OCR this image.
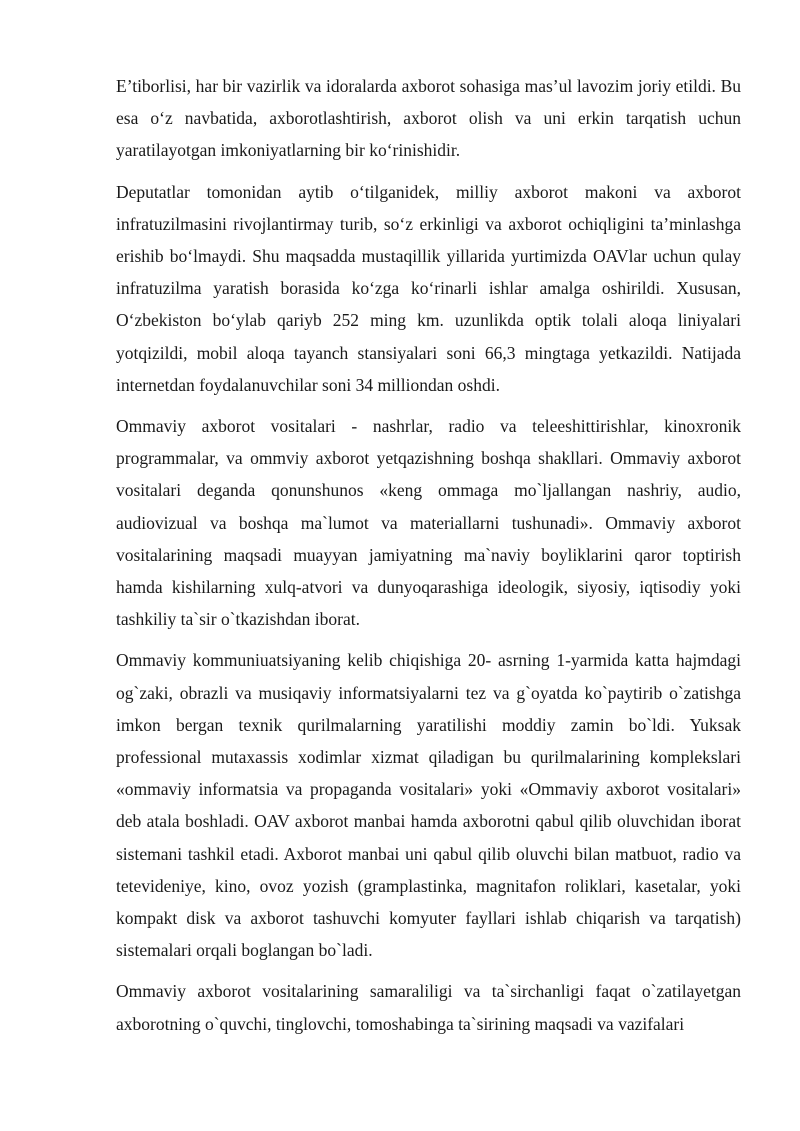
E’tiborlisi, har bir vazirlik va idoralarda axborot sohasiga mas’ul lavozim joriy etildi. Bu esa oʻz navbatida, axborotlashtirish, axborot olish va uni erkin tarqatish uchun yaratilayotgan imkoniyatlarning bir koʻrinishidir.

Deputatlar tomonidan aytib oʻtilganidek, milliy axborot makoni va axborot infratuzilmasini rivojlantirmay turib, soʻz erkinligi va axborot ochiqligini ta’minlashga erishib boʻlmaydi. Shu maqsadda mustaqillik yillarida yurtimizda OAVlar uchun qulay infratuzilma yaratish borasida koʻzga koʻrinarli ishlar amalga oshirildi. Xususan, Oʻzbekiston boʻylab qariyb 252 ming km. uzunlikda optik tolali aloqa liniyalari yotqizildi, mobil aloqa tayanch stansiyalari soni 66,3 mingtaga yetkazildi. Natijada internetdan foydalanuvchilar soni 34 milliondan oshdi.

Ommaviy axborot vositalari - nashrlar, radio va teleeshittirishlar, kinoxronik programmalar, va ommviy axborot yetqazishning boshqa shakllari. Ommaviy axborot vositalari deganda qonunshunos «keng ommaga mo`ljallangan nashriy, audio, audiovizual va boshqa ma`lumot va materiallarni tushunadi». Ommaviy axborot vositalarining maqsadi muayyan jamiyatning ma`naviy boyliklarini qaror toptirish hamda kishilarning xulq-atvori va dunyoqarashiga ideologik, siyosiy, iqtisodiy yoki tashkiliy ta`sir o`tkazishdan iborat.

Ommaviy kommuniuatsiyaning kelib chiqishiga 20- asrning 1-yarmida katta hajmdagi og`zaki, obrazli va musiqaviy informatsiyalarni tez va g`oyatda ko`paytirib o`zatishga imkon bergan texnik qurilmalarning yaratilishi moddiy zamin bo`ldi. Yuksak professional mutaxassis xodimlar xizmat qiladigan bu qurilmalarining komplekslari «ommaviy informatsia va propaganda vositalari» yoki «Ommaviy axborot vositalari» deb atala boshladi. OAV axborot manbai hamda axborotni qabul qilib oluvchidan iborat sistemani tashkil etadi. Axborot manbai uni qabul qilib oluvchi bilan matbuot, radio va tetevideniye, kino, ovoz yozish (gramplastinka, magnitafon roliklari, kasetalar, yoki kompakt disk va axborot tashuvchi komyuter fayllari ishlab chiqarish va tarqatish) sistemalari orqali boglangan bo`ladi.

Ommaviy axborot vositalarining samaraliligi va ta`sirchanligi faqat o`zatilayetgan axborotning o`quvchi, tinglovchi, tomoshabinga ta`sirining maqsadi va vazifalari
